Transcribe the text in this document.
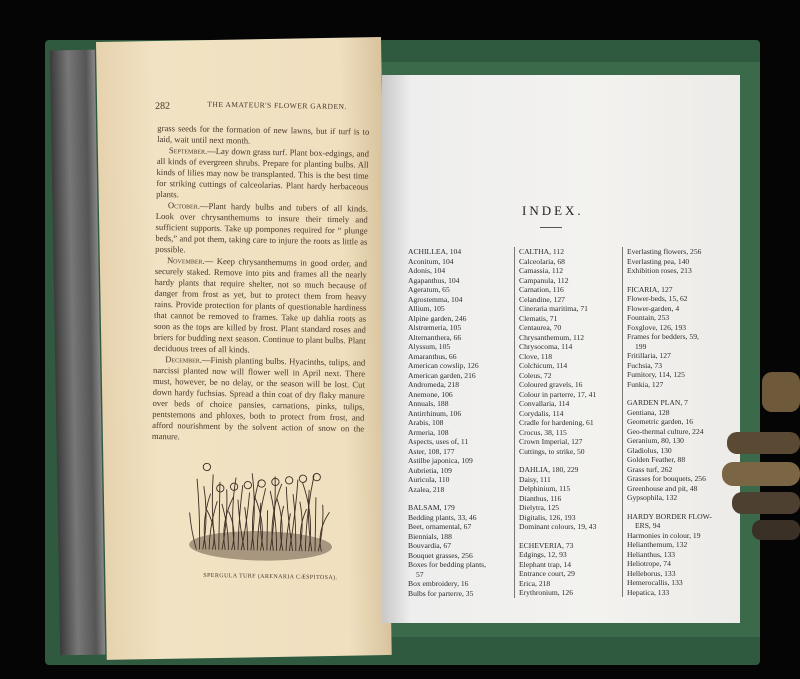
282	THE AMATEUR'S FLOWER GARDEN.

grass seeds for the formation of new lawns, but if turf is to laid, wait until next month.

September.—Lay down grass turf. Plant box-edgings, and all kinds of evergreen shrubs. Prepare for planting bulbs. All kinds of lilies may now be transplanted. This is the best time for striking cuttings of calceolarias. Plant hardy herbaceous plants.

October.—Plant hardy bulbs and tubers of all kinds. Look over chrysanthemums to insure their timely and sufficient supports. Take up pompones required for “ plunge beds,” and pot them, taking care to injure the roots as little as possible.

November.— Keep chrysanthemums in good order, and securely staked. Remove into pits and frames all the nearly hardy plants that require shelter, not so much because of danger from frost as yet, but to protect them from heavy rains. Provide protection for plants of questionable hardiness that cannot be removed to frames. Take up dahlia roots as soon as the tops are killed by frost. Plant standard roses and briers for budding next season. Continue to plant bulbs. Plant deciduous trees of all kinds.

December.—Finish planting bulbs. Hyacinths, tulips, and narcissi planted now will flower well in April next. There must, however, be no delay, or the season will be lost. Cut down hardy fuchsias. Spread a thin coat of dry flaky manure over beds of choice pansies, carnations, pinks, tulips, pentstemons and phloxes, both to protect from frost, and afford nourishment by the solvent action of snow on the manure.

SPERGULA TURF (ARENARIA CÆSPITOSA).
INDEX.
ACHILLEA, 104
Aconitum, 104
Adonis, 104
Agapanthus, 104
Ageratum, 65
Agrostemma, 104
Allium, 105
Alpine garden, 246
Alstrœmeria, 105
Alternanthera, 66
Alyssum, 105
Amaranthus, 66
American cowslip, 126
American garden, 216
Andromeda, 218
Anemone, 106
Annuals, 188
Antirrhinum, 106
Arabis, 108
Armeria, 108
Aspects, uses of, 11
Aster, 108, 177
Astilbe japonica, 109
Aubrietia, 109
Auricula, 110
Azalea, 218
BALSAM, 179
Bedding plants, 33, 46
Beet, ornamental, 67
Biennials, 188
Bouvardia, 67
Bouquet grasses, 256
Boxes for bedding plants,
57
Box embroidery, 16
Bulbs for parterre, 35
CALTHA, 112
Calceolaria, 68
Camassia, 112
Campanula, 112
Carnation, 116
Celandine, 127
Cineraria maritima, 71
Clematis, 71
Centaurea, 70
Chrysanthemum, 112
Chrysocoma, 114
Clove, 118
Colchicum, 114
Coleus, 72
Coloured gravels, 16
Colour in parterre, 17, 41
Convallaria, 114
Corydalis, 114
Cradle for hardening, 61
Crocus, 38, 115
Crown Imperial, 127
Cuttings, to strike, 50
DAHLIA, 180, 229
Daisy, 111
Delphinium, 115
Dianthus, 116
Dielytra, 125
Digitalis, 126, 193
Dominant colours, 19, 43
ECHEVERIA, 73
Edgings, 12, 93
Elephant trap, 14
Entrance court, 29
Erica, 218
Erythronium, 126
Everlasting flowers, 256
Everlasting pea, 140
Exhibition roses, 213
FICARIA, 127
Flower-beds, 15, 62
Flower-garden, 4
Fountain, 253
Foxglove, 126, 193
Frames for bedders, 59,
199
Fritillaria, 127
Fuchsia, 73
Fumitory, 114, 125
Funkia, 127
GARDEN PLAN, 7
Gentiana, 128
Geometric garden, 16
Geo-thermal culture, 224
Geranium, 80, 130
Gladiolus, 130
Golden Feather, 88
Grass turf, 262
Grasses for bouquets, 256
Greenhouse and pit, 48
Gypsophila, 132
HARDY BORDER FLOW-
ERS, 94
Harmonies in colour, 19
Helianthemum, 132
Helianthus, 133
Heliotrope, 74
Helleborus, 133
Hemerocallis, 133
Hepatica, 133
